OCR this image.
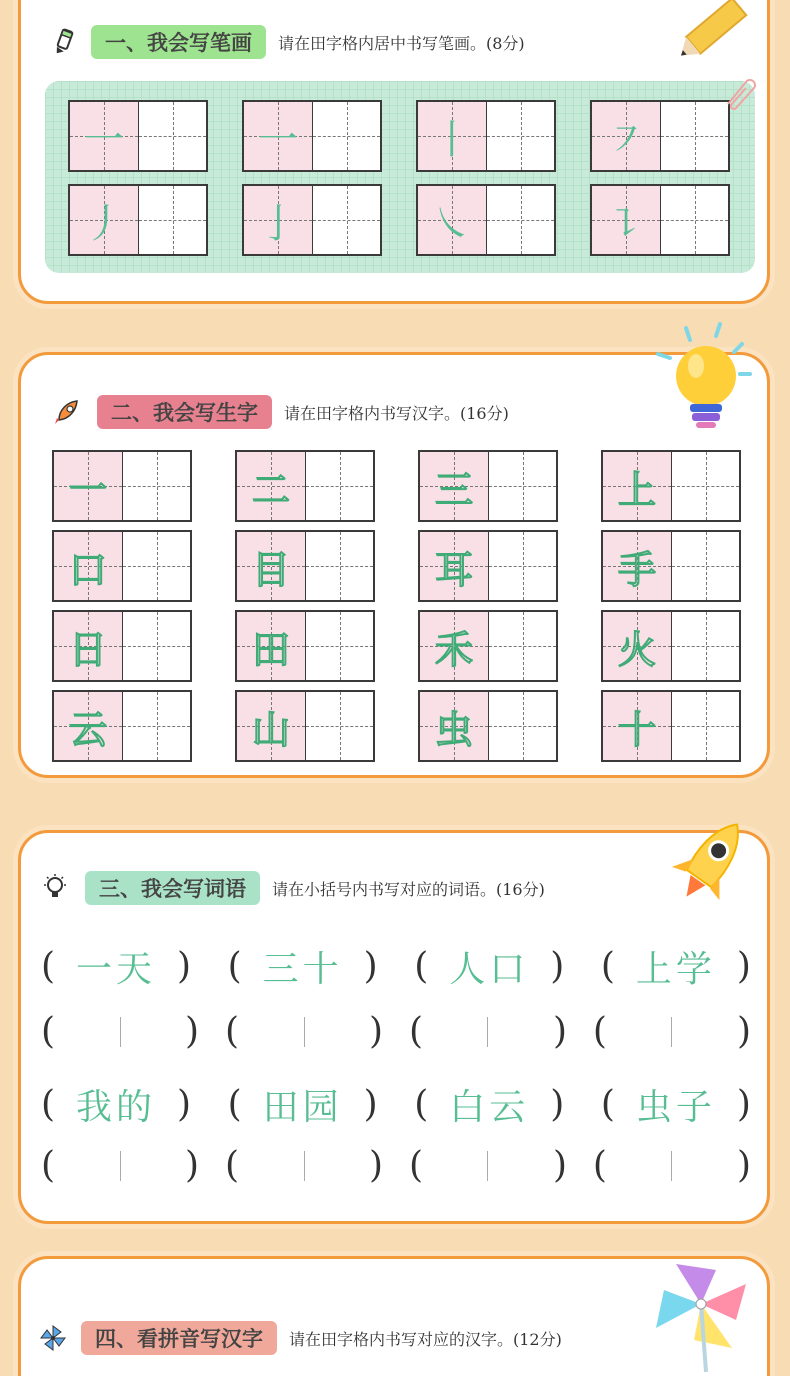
一、我会写笔画	请在田字格内居中书写笔画。(8分)
一	一	丨	㇇
丿	亅	㇏	㇊
二、我会写生字	请在田字格内书写汉字。(16分)
一	二	三	上
口	目	耳	手
日	田	禾	火
云	山	虫	十
三、我会写词语	请在小括号内书写对应的词语。(16分)
( 一天 ) ( 三十 ) ( 人口 ) ( 上学 )
(	) (	) (	) (	)
( 我的 ) ( 田园 ) ( 白云 ) ( 虫子 )
(	) (	) (	) (	)
四、看拼音写汉字	请在田字格内书写对应的汉字。(12分)
